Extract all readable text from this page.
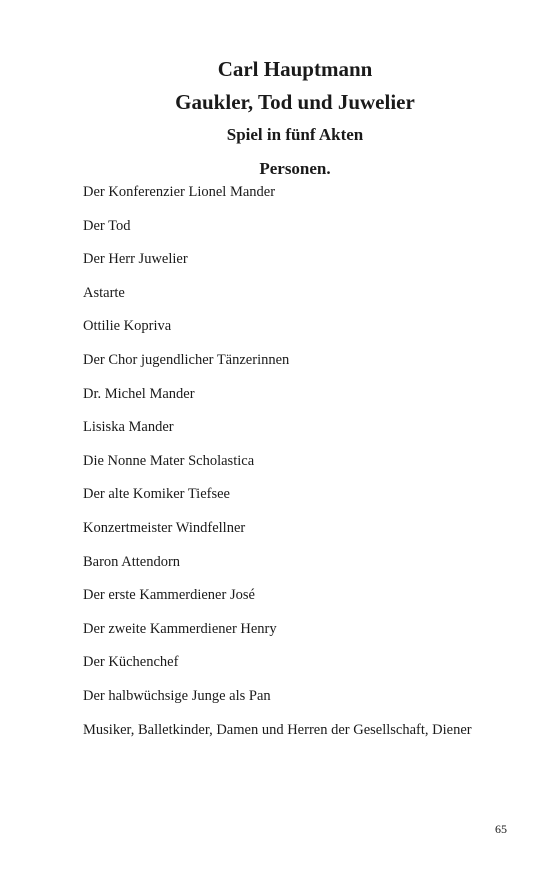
Carl Hauptmann
Gaukler, Tod und Juwelier
Spiel in fünf Akten
Personen.
Der Konferenzier Lionel Mander
Der Tod
Der Herr Juwelier
Astarte
Ottilie Kopriva
Der Chor jugendlicher Tänzerinnen
Dr. Michel Mander
Lisiska Mander
Die Nonne Mater Scholastica
Der alte Komiker Tiefsee
Konzertmeister Windfellner
Baron Attendorn
Der erste Kammerdiener José
Der zweite Kammerdiener Henry
Der Küchenchef
Der halbwüchsige Junge als Pan
Musiker, Balletkinder, Damen und Herren der Gesellschaft, Diener
65
